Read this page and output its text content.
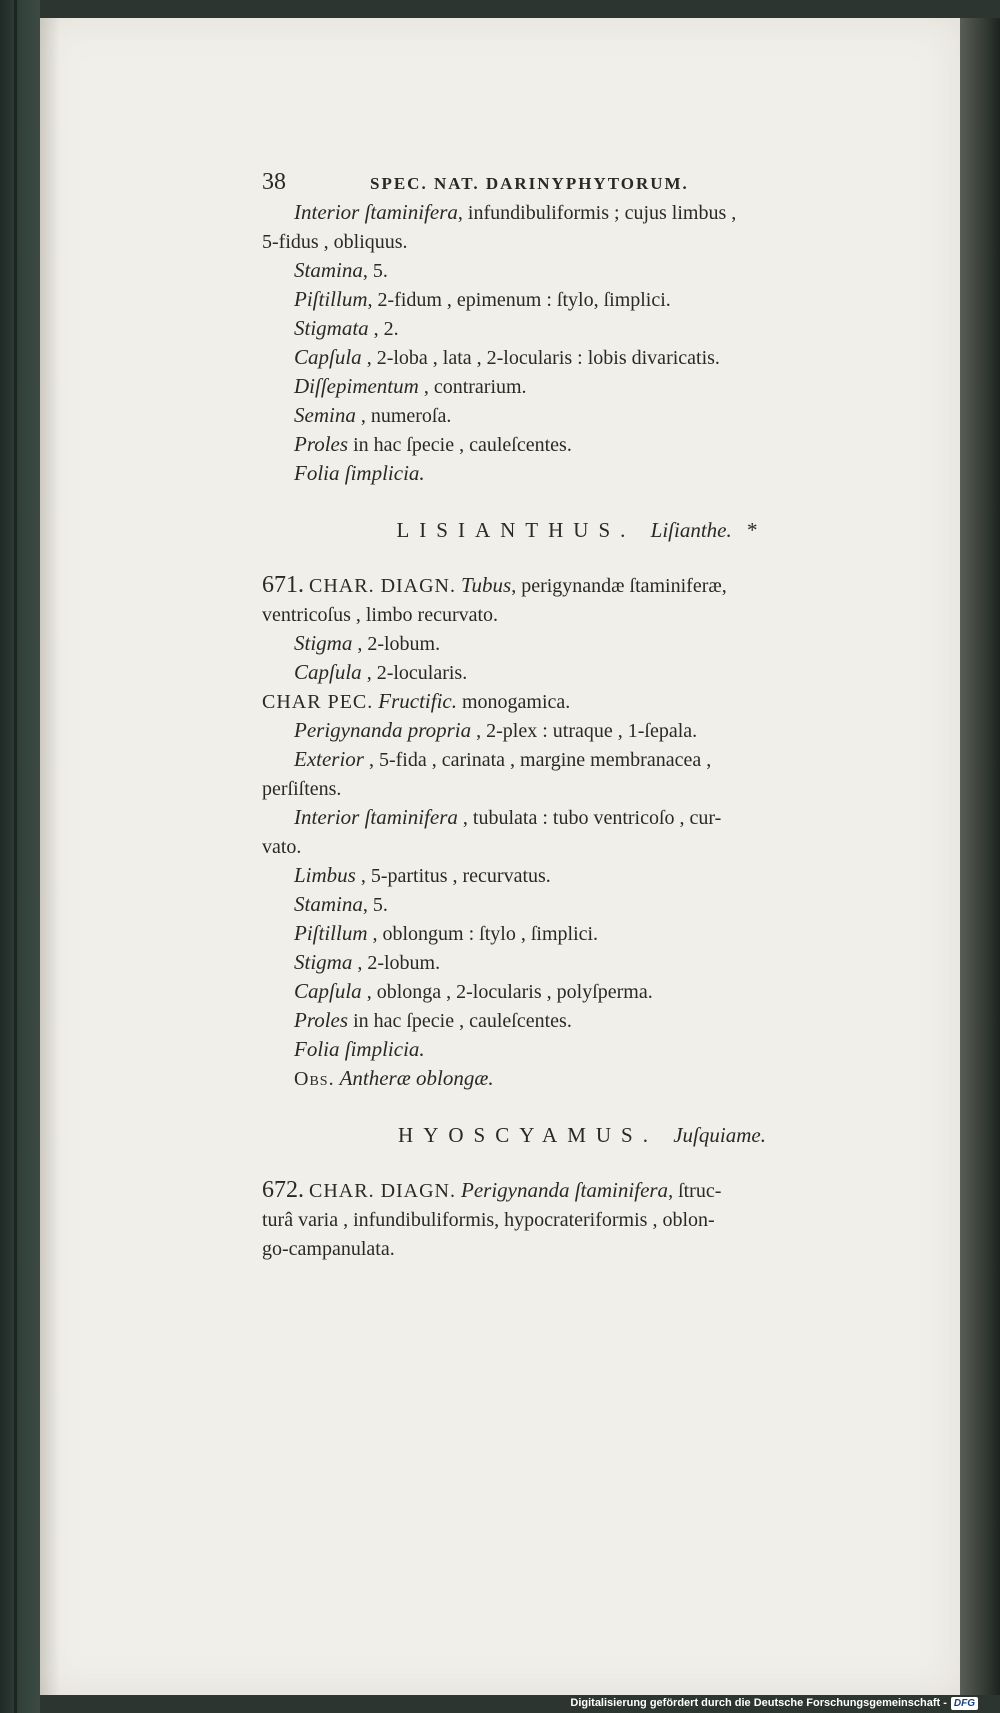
38	SPEC. NAT. DARINYPHYTORUM.
Interior ſtaminifera, infundibuliformis ; cujus limbus ,
5-fidus , obliquus.
Stamina, 5.
Piſtillum, 2-fidum , epimenum : ſtylo, ſimplici.
Stigmata , 2.
Capſula , 2-loba , lata , 2-locularis : lobis divaricatis.
Diſſepimentum , contrarium.
Semina , numeroſa.
Proles in hac ſpecie , cauleſcentes.
Folia ſimplicia.
LISIANTHUS. Liſianthe. *
671. CHAR. DIAGN. Tubus, perigynandæ ſtaminiferæ,
ventricoſus , limbo recurvato.
Stigma , 2-lobum.
Capſula , 2-locularis.
CHAR PEC. Fructific. monogamica.
Perigynanda propria , 2-plex : utraque , 1-ſepala.
Exterior , 5-fida , carinata , margine membranacea ,
perſiſtens.
Interior ſtaminifera , tubulata : tubo ventricoſo , cur-
vato.
Limbus , 5-partitus , recurvatus.
Stamina, 5.
Piſtillum , oblongum : ſtylo , ſimplici.
Stigma , 2-lobum.
Capſula , oblonga , 2-locularis , polyſperma.
Proles in hac ſpecie , cauleſcentes.
Folia ſimplicia.
Obſ. Antheræ oblongæ.
HYOSCYAMUS. Juſquiame.
672. CHAR. DIAGN. Perigynanda ſtaminifera, ſtruc-
turâ varia , infundibuliformis, hypocrateriformis , oblon-
go-campanulata.
Digitalisierung gefördert durch die Deutsche Forschungsgemeinschaft - DFG
